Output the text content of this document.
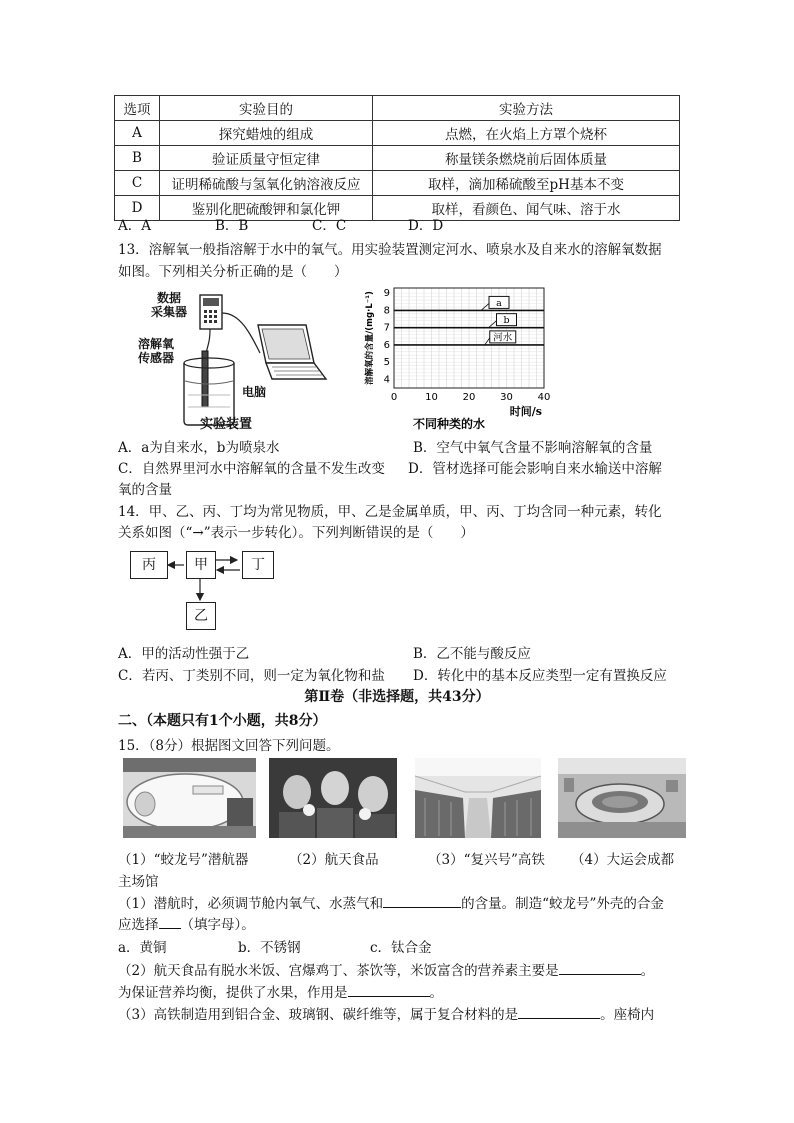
选项	实验目的	实验方法
A	探究蜡烛的组成	点燃，在火焰上方罩个烧杯
B	验证质量守恒定律	称量镁条燃烧前后固体质量
C	证明稀硫酸与氢氧化钠溶液反应	取样，滴加稀硫酸至pH基本不变
D	鉴别化肥硫酸钾和氯化钾	取样，看颜色、闻气味、溶于水
A．A	B．B	C．C	D．D
13．溶解氧一般指溶解于水中的氧气。用实验装置测定河水、喷泉水及自来水的溶解氧数据
如图。下列相关分析正确的是（　　）
数据
采集器
溶解氧
传感器
电脑
实验装置
0	10 20 30 40
4
5
6
7
8
9
溶解氧的含量/(mg·L⁻¹)
时间/s
不同种类的水
a
b
河水
A．a为自来水，b为喷泉水	B．空气中氧气含量不影响溶解氧的含量
C．自然界里河水中溶解氧的含量不发生改变 D．管材选择可能会影响自来水输送中溶解
氧的含量
14．甲、乙、丙、丁均为常见物质，甲、乙是金属单质，甲、丙、丁均含同一种元素，转化
关系如图（“→”表示一步转化）。下列判断错误的是（　　）
丙	甲	丁
乙
A．甲的活动性强于乙	B．乙不能与酸反应
C．若丙、丁类别不同，则一定为氧化物和盐 D．转化中的基本反应类型一定有置换反应
第Ⅱ卷（非选择题，共43分）
二、（本题只有1个小题，共8分）
15．（8分）根据图文回答下列问题。
（1）“蛟龙号”潜航器	（2）航天食品	（3）“复兴号”高铁 （4）大运会成都
主场馆
（1）潜航时，必须调节舱内氧气、水蒸气和	的含量。制造“蛟龙号”外壳的合金
应选择 （填字母）。
a．黄铜	b．不锈钢	c．钛合金
（2）航天食品有脱水米饭、宫爆鸡丁、茶饮等，米饭富含的营养素主要是	。
为保证营养均衡，提供了水果，作用是	。
（3）高铁制造用到铝合金、玻璃钢、碳纤维等，属于复合材料的是	。座椅内
